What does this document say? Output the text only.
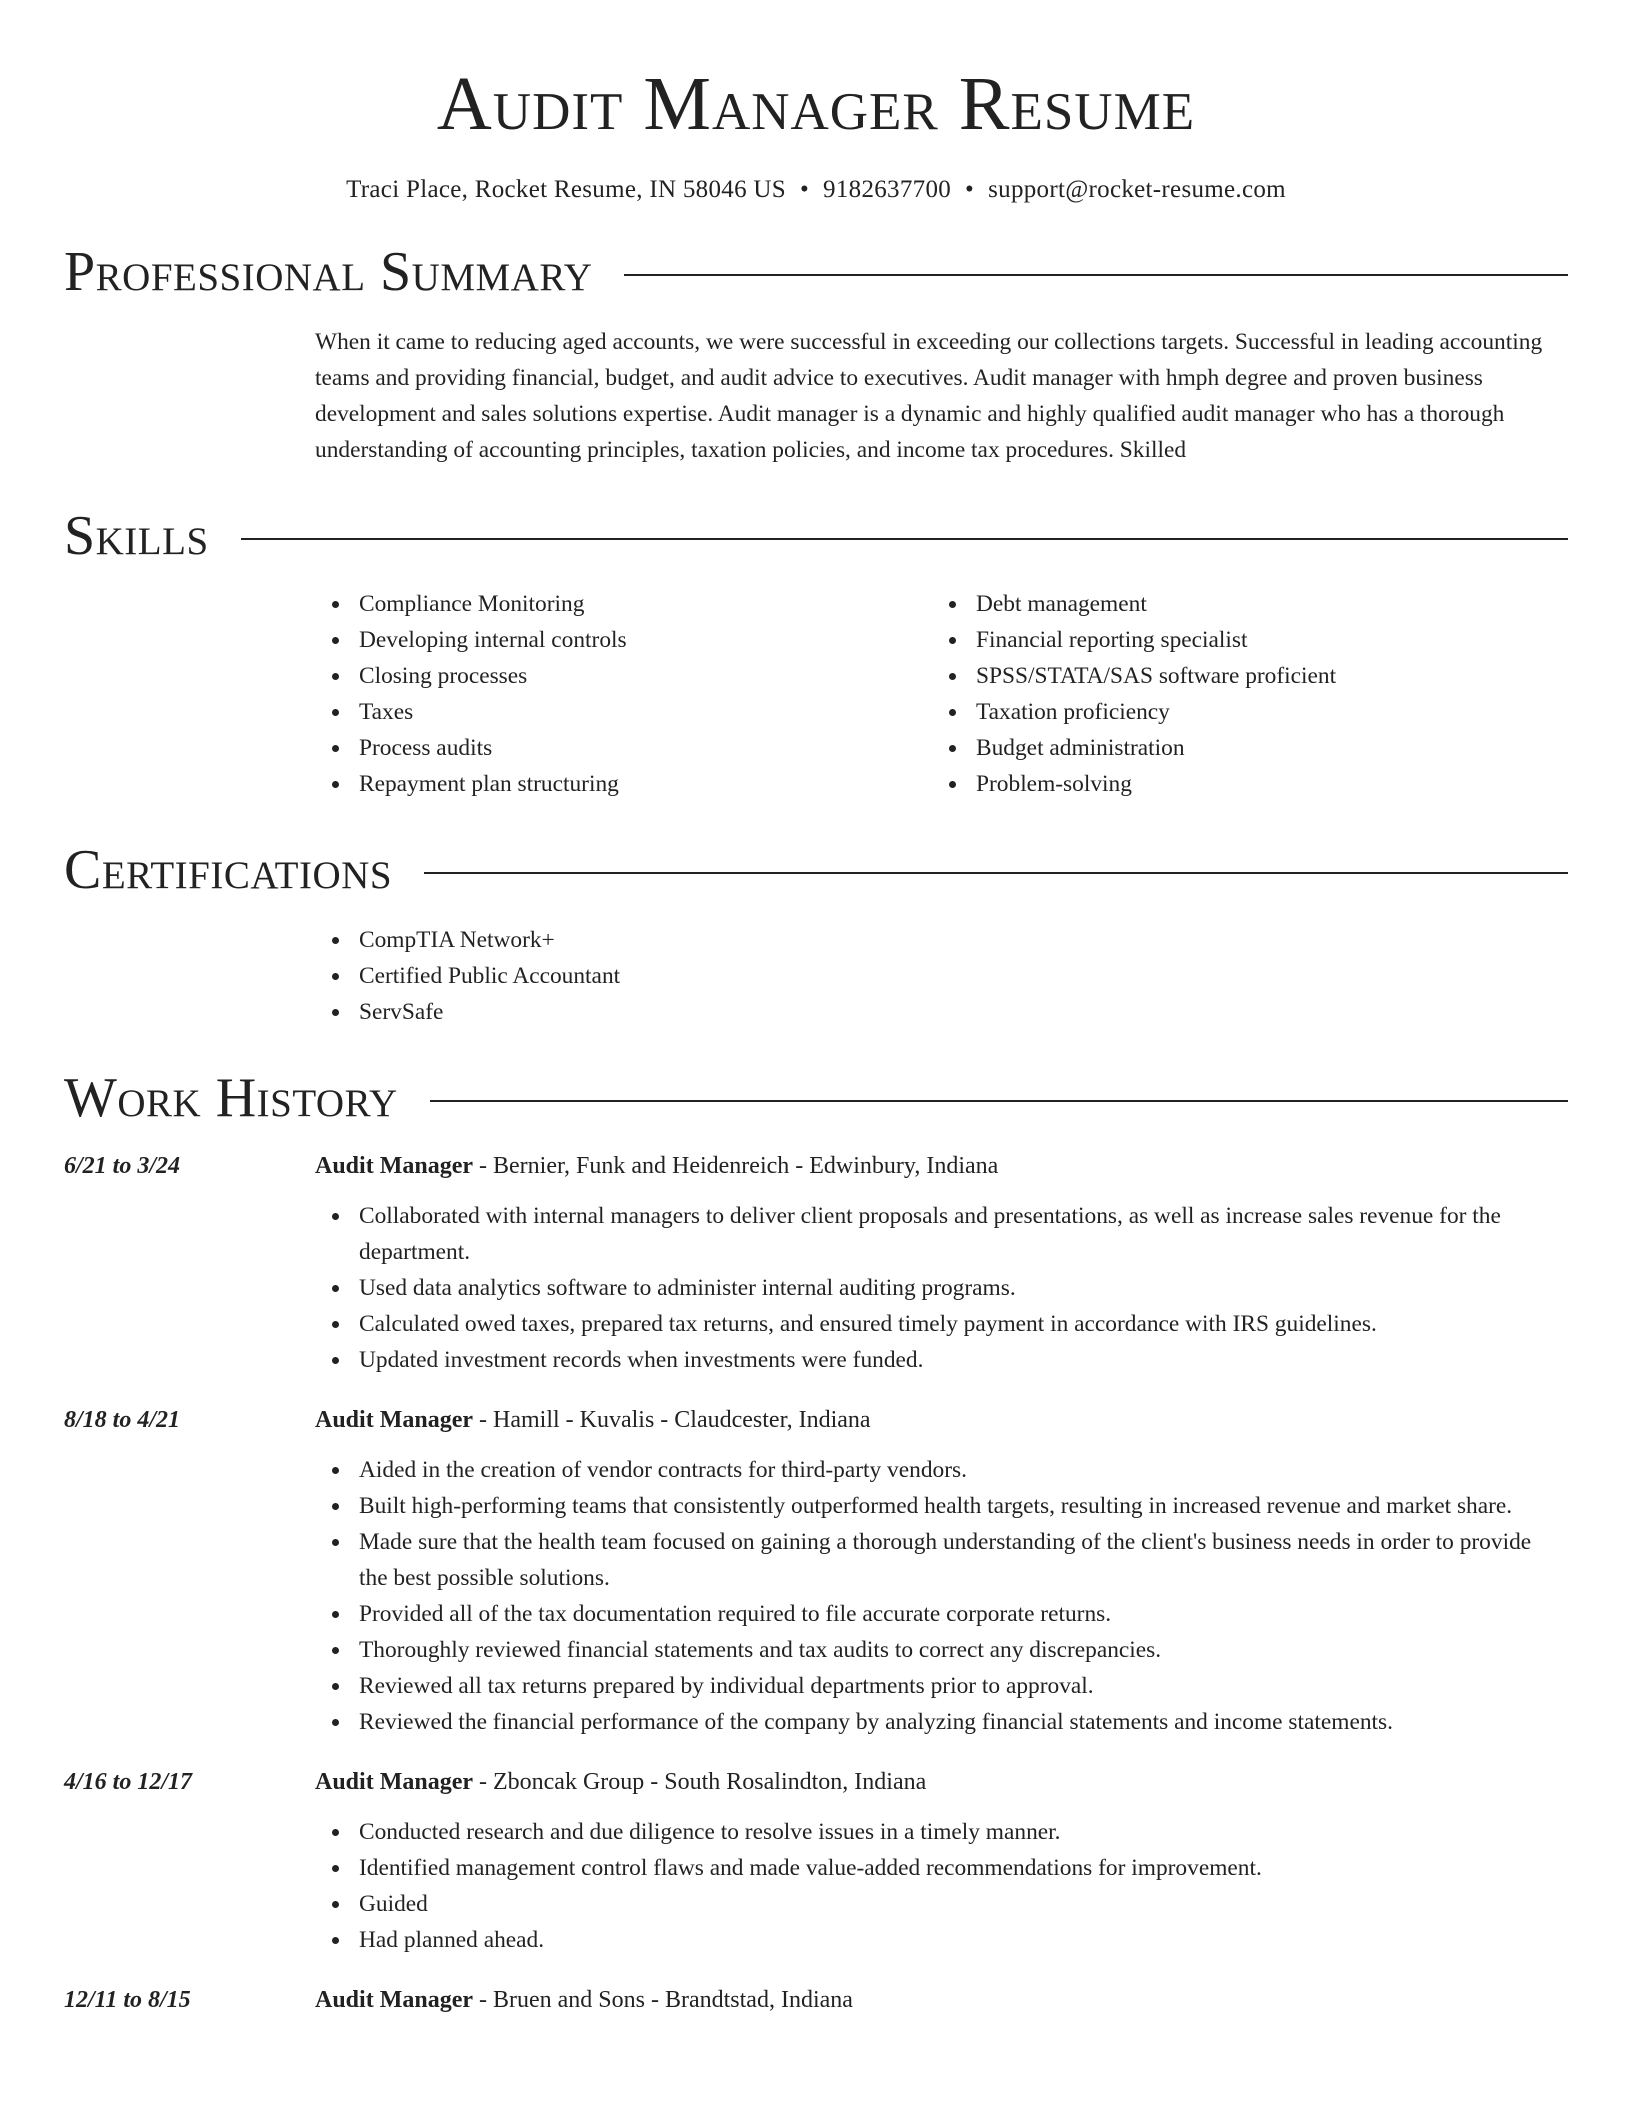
Audit Manager Resume
Traci Place, Rocket Resume, IN 58046 US • 9182637700 • support@rocket-resume.com
Professional Summary

When it came to reducing aged accounts, we were successful in exceeding our collections targets. Successful in leading accounting teams and providing financial, budget, and audit advice to executives. Audit manager with hmph degree and proven business development and sales solutions expertise. Audit manager is a dynamic and highly qualified audit manager who has a thorough understanding of accounting principles, taxation policies, and income tax procedures. Skilled

Skills
Compliance Monitoring
Developing internal controls
Closing processes
Taxes
Process audits
Repayment plan structuring
Debt management
Financial reporting specialist
SPSS/STATA/SAS software proficient
Taxation proficiency
Budget administration
Problem-solving
Certifications
CompTIA Network+
Certified Public Accountant
ServSafe
Work History
6/21 to 3/24	Audit Manager - Bernier, Funk and Heidenreich - Edwinbury, Indiana
Collaborated with internal managers to deliver client proposals and presentations, as well as increase sales revenue for the department.
Used data analytics software to administer internal auditing programs.
Calculated owed taxes, prepared tax returns, and ensured timely payment in accordance with IRS guidelines.
Updated investment records when investments were funded.
8/18 to 4/21	Audit Manager - Hamill - Kuvalis - Claudcester, Indiana
Aided in the creation of vendor contracts for third-party vendors.
Built high-performing teams that consistently outperformed health targets, resulting in increased revenue and market share.
Made sure that the health team focused on gaining a thorough understanding of the client's business needs in order to provide the best possible solutions.
Provided all of the tax documentation required to file accurate corporate returns.
Thoroughly reviewed financial statements and tax audits to correct any discrepancies.
Reviewed all tax returns prepared by individual departments prior to approval.
Reviewed the financial performance of the company by analyzing financial statements and income statements.
4/16 to 12/17	Audit Manager - Zboncak Group - South Rosalindton, Indiana
Conducted research and due diligence to resolve issues in a timely manner.
Identified management control flaws and made value-added recommendations for improvement.
Guided
Had planned ahead.
12/11 to 8/15	Audit Manager - Bruen and Sons - Brandtstad, Indiana
